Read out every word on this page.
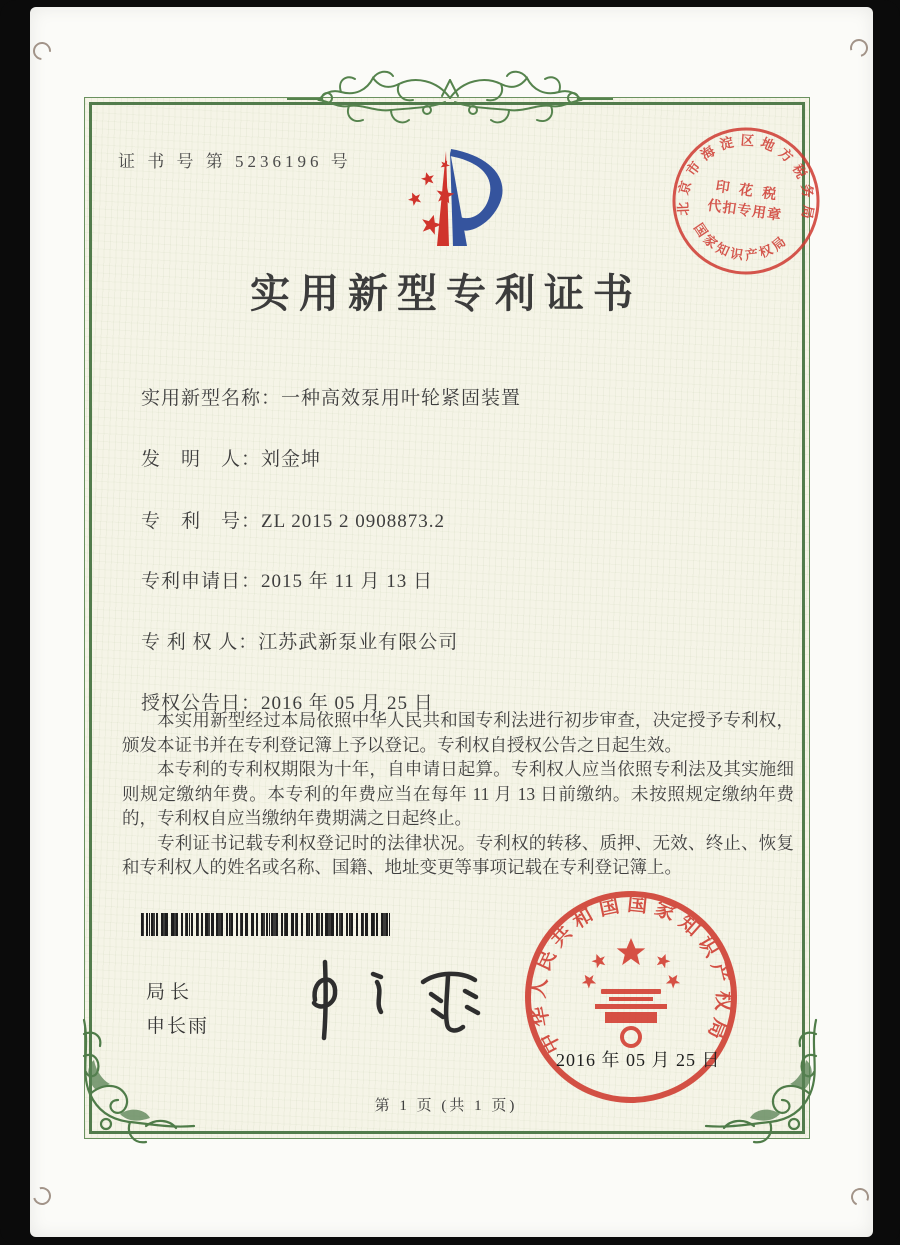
证 书 号 第 5236196 号
北京市海淀区地方税务局
国家知识产权局
印 花 税
代扣专用章
实用新型专利证书
实用新型名称：一种高效泵用叶轮紧固装置
发　明　人：刘金坤
专　利　号：ZL 2015 2 0908873.2
专利申请日：2015 年 11 月 13 日
专 利 权 人：江苏武新泵业有限公司
授权公告日：2016 年 05 月 25 日

本实用新型经过本局依照中华人民共和国专利法进行初步审查，决定授予专利权，颁发本证书并在专利登记簿上予以登记。专利权自授权公告之日起生效。

本专利的专利权期限为十年，自申请日起算。专利权人应当依照专利法及其实施细则规定缴纳年费。本专利的年费应当在每年 11 月 13 日前缴纳。未按照规定缴纳年费的，专利权自应当缴纳年费期满之日起终止。

专利证书记载专利权登记时的法律状况。专利权的转移、质押、无效、终止、恢复和专利权人的姓名或名称、国籍、地址变更等事项记载在专利登记簿上。

局长
申长雨	中华人民共和国国家知识产权局
2016 年 05 月 25 日
第 1 页 (共 1 页)
